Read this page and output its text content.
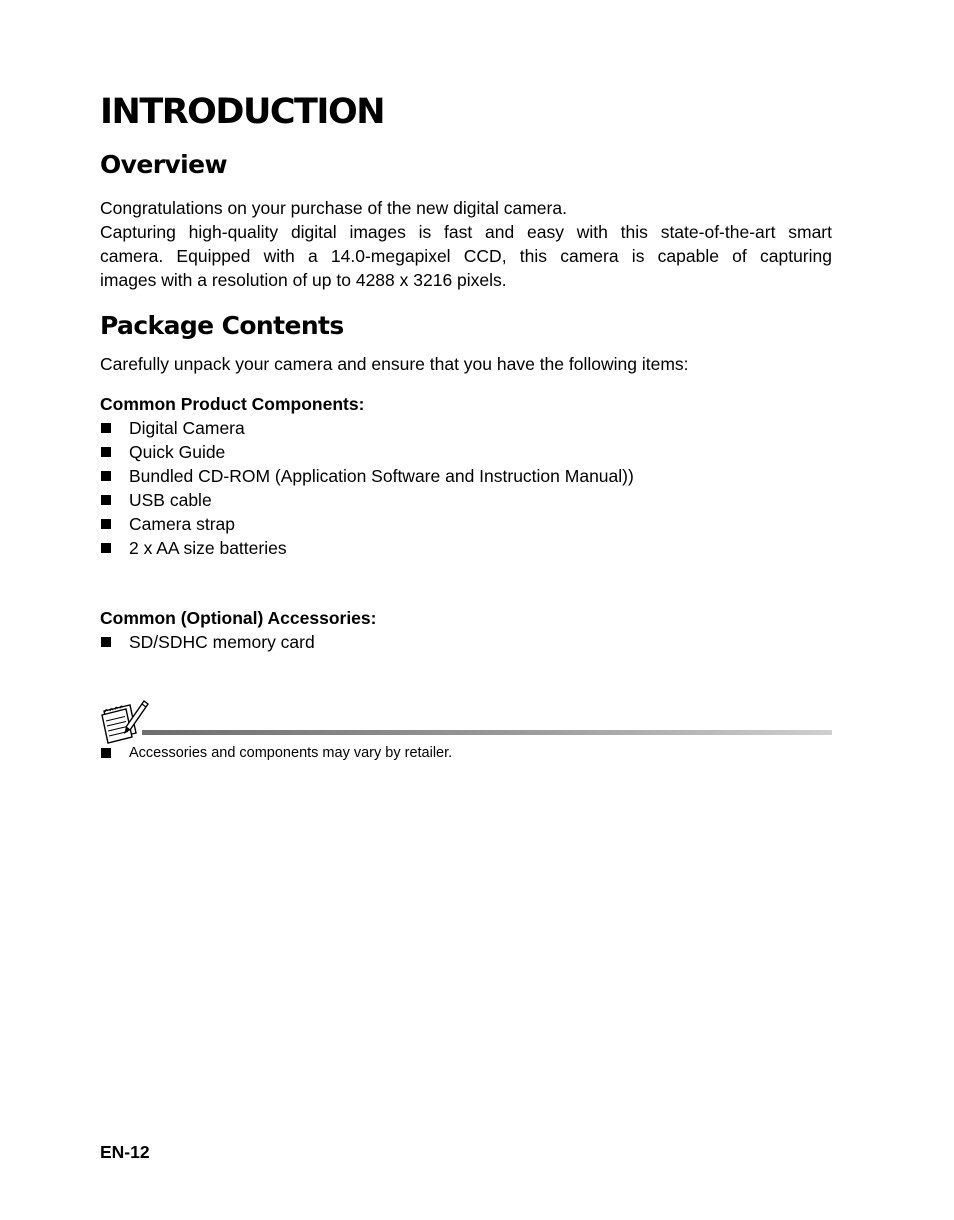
INTRODUCTION
Overview

Congratulations on your purchase of the new digital camera.
Capturing high-quality digital images is fast and easy with this state-of-the-art smart
camera. Equipped with a 14.0-megapixel CCD, this camera is capable of capturing
images with a resolution of up to 4288 x 3216 pixels.

Package Contents

Carefully unpack your camera and ensure that you have the following items:

Common Product Components:

Digital Camera
Quick Guide
Bundled CD-ROM (Application Software and Instruction Manual))
USB cable
Camera strap
2 x AA size batteries

Common (Optional) Accessories:

SD/SDHC memory card
Accessories and components may vary by retailer.

EN-12
